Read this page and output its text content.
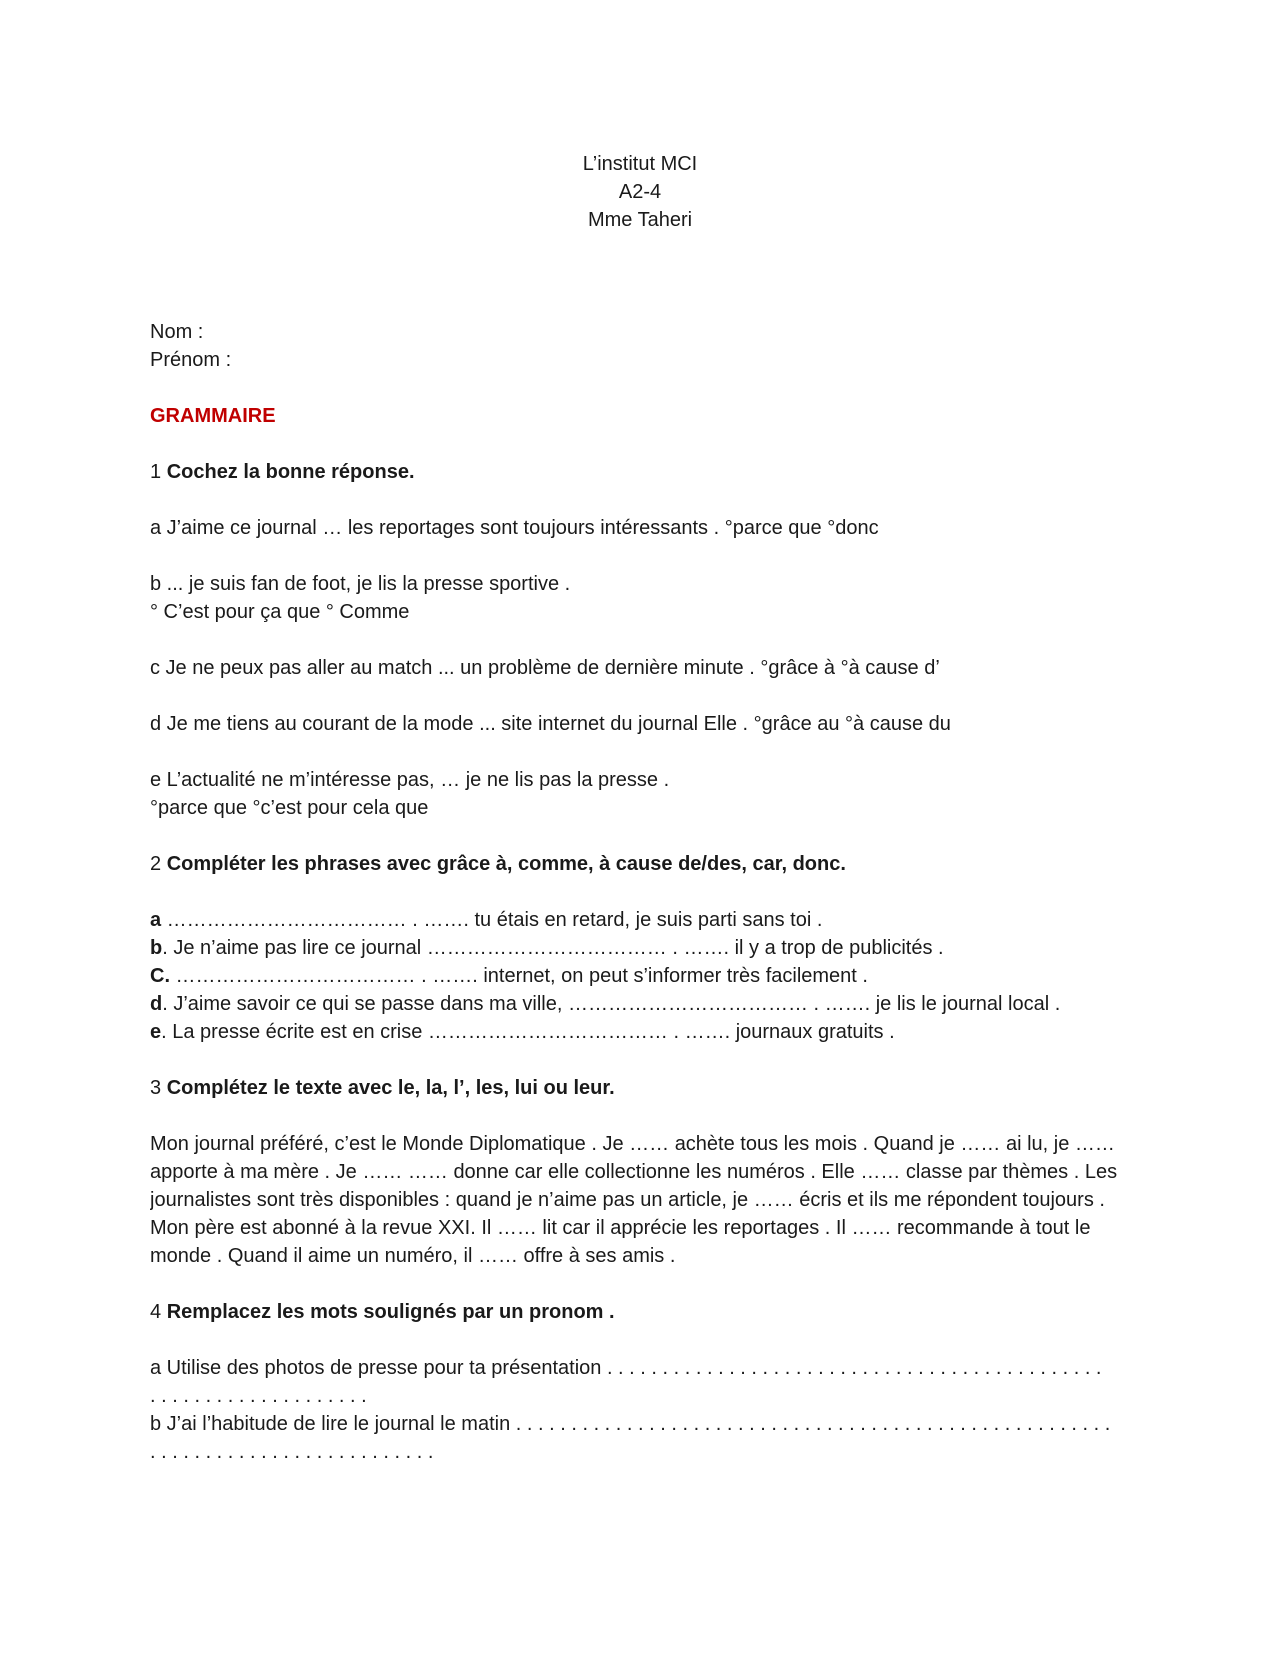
L’institut MCI
A2-4
Mme Taheri
Nom :
Prénom :
GRAMMAIRE
1 Cochez la bonne réponse.
a J’aime ce journal … les reportages sont toujours intéressants . °parce que °donc
b ... je suis fan de foot, je lis la presse sportive .
° C’est pour ça que ° Comme
c Je ne peux pas aller au match ... un problème de dernière minute . °grâce à °à cause d’
d Je me tiens au courant de la mode ... site internet du journal Elle . °grâce au °à cause du
e L’actualité ne m’intéresse pas, … je ne lis pas la presse .
°parce que °c’est pour cela que
2 Compléter les phrases avec grâce à, comme, à cause de/des, car, donc.
a ……………………………… . ……. tu étais en retard, je suis parti sans toi .
b. Je n’aime pas lire ce journal ……………………………… . ……. il y a trop de publicités .
C. ……………………………… . ……. internet, on peut s’informer très facilement .
d. J’aime savoir ce qui se passe dans ma ville, ……………………………… . ……. je lis le journal local .
e. La presse écrite est en crise ……………………………… . ……. journaux gratuits .
3 Complétez le texte avec le, la, l’, les, lui ou leur.
Mon journal préféré, c’est le Monde Diplomatique . Je …… achète tous les mois . Quand je …… ai lu, je …… apporte à ma mère . Je …… …… donne car elle collectionne les numéros . Elle …… classe par thèmes . Les journalistes sont très disponibles : quand je n’aime pas un article, je …… écris et ils me répondent toujours . Mon père est abonné à la revue XXI. Il …… lit car il apprécie les reportages . Il …… recommande à tout le monde . Quand il aime un numéro, il …… offre à ses amis .
4 Remplacez les mots soulignés par un pronom .
a Utilise des photos de presse pour ta présentation . . . . . . . . . . . . . . . . . . . . . . . . . . . . . . . . . . . . . . . . . . . . .
. . . . . . . . . . . . . . . . . . . .
b J’ai l’habitude de lire le journal le matin . . . . . . . . . . . . . . . . . . . . . . . . . . . . . . . . . . . . . . . . . . . . . . . . . . . . . .
. . . . . . . . . . . . . . . . . . . . . . . . . .
